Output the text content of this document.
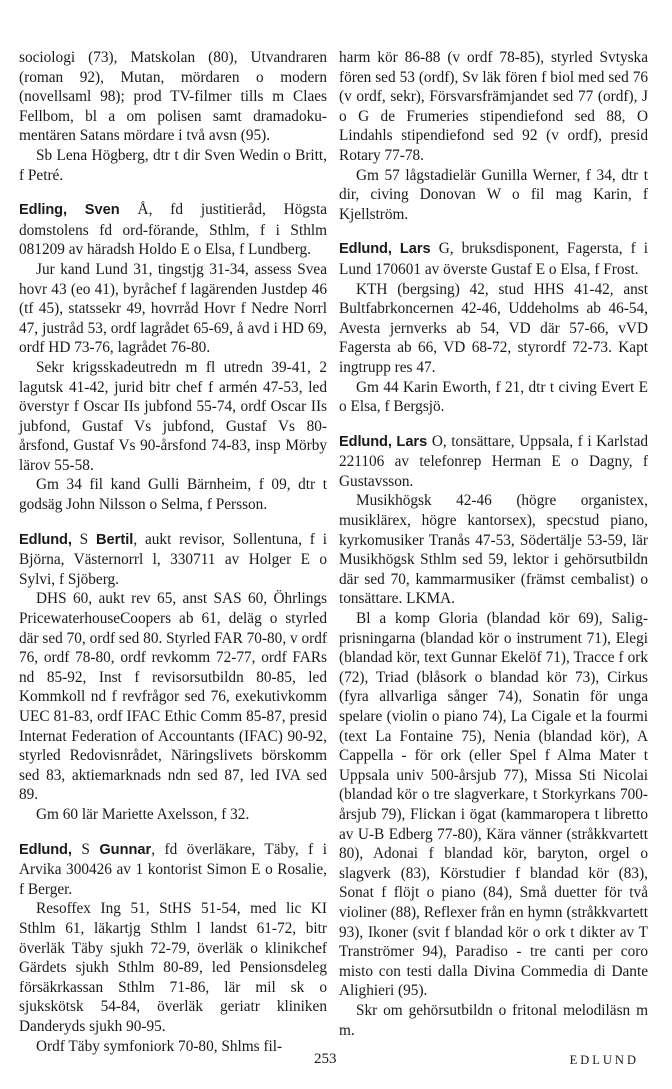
sociologi (73), Matskolan (80), Utvandraren (roman 92), Mutan, mördaren o modern (novellsaml 98); prod TV-filmer tills m Claes Fellbom, bl a om polisen samt dramadokumentären Satans mördare i två avsn (95).

Sb Lena Högberg, dtr t dir Sven Wedin o Britt, f Petré.

Edling, Sven Å, fd justitieråd, Högsta domstolens fd ord-förande, Sthlm, f i Sthlm 081209 av häradsh Holdo E o Elsa, f Lundberg.

Jur kand Lund 31, tingstjg 31-34, assess Svea hovr 43 (eo 41), byråchef f lagärenden Justdep 46 (tf 45), statssekr 49, hovrråd Hovr f Nedre Norrl 47, justråd 53, ordf lagrådet 65-69, å avd i HD 69, ordf HD 73-76, lagrådet 76-80.

Sekr krigsskadeutredn m fl utredn 39-41, 2 lagutsk 41-42, jurid bitr chef f armén 47-53, led överstyr f Oscar IIs jubfond 55-74, ordf Oscar IIs jubfond, Gustaf Vs jubfond, Gustaf Vs 80-årsfond, Gustaf Vs 90-årsfond 74-83, insp Mörby lärov 55-58.

Gm 34 fil kand Gulli Bärnheim, f 09, dtr t godsäg John Nilsson o Selma, f Persson.

Edlund, S Bertil, aukt revisor, Sollentuna, f i Björna, Västernorrl l, 330711 av Holger E o Sylvi, f Sjöberg.

DHS 60, aukt rev 65, anst SAS 60, Öhrlings PricewaterhouseCoopers ab 61, deläg o styrled där sed 70, ordf sed 80. Styrled FAR 70-80, v ordf 76, ordf 78-80, ordf revkomm 72-77, ordf FARs nd 85-92, Inst f revisorsutbildn 80-85, led Kommkoll nd f revfrågor sed 76, exekutivkomm UEC 81-83, ordf IFAC Ethic Comm 85-87, presid Internat Federation of Accountants (IFAC) 90-92, styrled Redovisnrådet, Näringslivets börskomm sed 83, aktiemarknads ndn sed 87, led IVA sed 89.

Gm 60 lär Mariette Axelsson, f 32.

Edlund, S Gunnar, fd överläkare, Täby, f i Arvika 300426 av 1 kontorist Simon E o Rosalie, f Berger.

Resoffex Ing 51, StHS 51-54, med lic KI Sthlm 61, läkartjg Sthlm l landst 61-72, bitr överläk Täby sjukh 72-79, överläk o klinikchef Gärdets sjukh Sthlm 80-89, led Pensionsdeleg försäkrkassan Sthlm 71-86, lär mil sk o sjukskötsk 54-84, överläk geriatr kliniken Danderyds sjukh 90-95.

Ordf Täby symfoniork 70-80, Shlms fil-

harm kör 86-88 (v ordf 78-85), styrled Svtyska fören sed 53 (ordf), Sv läk fören f biol med sed 76 (v ordf, sekr), Försvarsfrämjandet sed 77 (ordf), J o G de Frumeries stipendiefond sed 88, O Lindahls stipendiefond sed 92 (v ordf), presid Rotary 77-78.

Gm 57 lågstadielär Gunilla Werner, f 34, dtr t dir, civing Donovan W o fil mag Karin, f Kjellström.

Edlund, Lars G, bruksdisponent, Fagersta, f i Lund 170601 av överste Gustaf E o Elsa, f Frost.

KTH (bergsing) 42, stud HHS 41-42, anst Bultfabrkoncernen 42-46, Uddeholms ab 46-54, Avesta jernverks ab 54, VD där 57-66, vVD Fagersta ab 66, VD 68-72, styrordf 72-73. Kapt ingtrupp res 47.

Gm 44 Karin Eworth, f 21, dtr t civing Evert E o Elsa, f Bergsjö.

Edlund, Lars O, tonsättare, Uppsala, f i Karlstad 221106 av telefonrep Herman E o Dagny, f Gustavsson.

Musikhögsk 42-46 (högre organistex, musiklärex, högre kantorsex), specstud piano, kyrkomusiker Tranås 47-53, Södertälje 53-59, lär Musikhögsk Sthlm sed 59, lektor i gehörsutbildn där sed 70, kammarmusiker (främst cembalist) o tonsättare. LKMA.

Bl a komp Gloria (blandad kör 69), Saligprisningarna (blandad kör o instrument 71), Elegi (blandad kör, text Gunnar Ekelöf 71), Tracce f ork (72), Triad (blåsork o blandad kör 73), Cirkus (fyra allvarliga sånger 74), Sonatin för unga spelare (violin o piano 74), La Cigale et la fourmi (text La Fontaine 75), Nenia (blandad kör), A Cappella - för ork (eller Spel f Alma Mater t Uppsala univ 500-årsjub 77), Missa Sti Nicolai (blandad kör o tre slagverkare, t Storkyrkans 700-årsjub 79), Flickan i ögat (kammaropera t libretto av U-B Edberg 77-80), Kära vänner (stråkkvartett 80), Adonai f blandad kör, baryton, orgel o slagverk (83), Körstudier f blandad kör (83), Sonat f flöjt o piano (84), Små duetter för två violiner (88), Reflexer från en hymn (stråkkvartett 93), Ikoner (svit f blandad kör o ork t dikter av T Tranströmer 94), Paradiso - tre canti per coro misto con testi dalla Divina Commedia di Dante Alighieri (95).

Skr om gehörsutbildn o fritonal melodiläsn m m.

253	EDLUND
